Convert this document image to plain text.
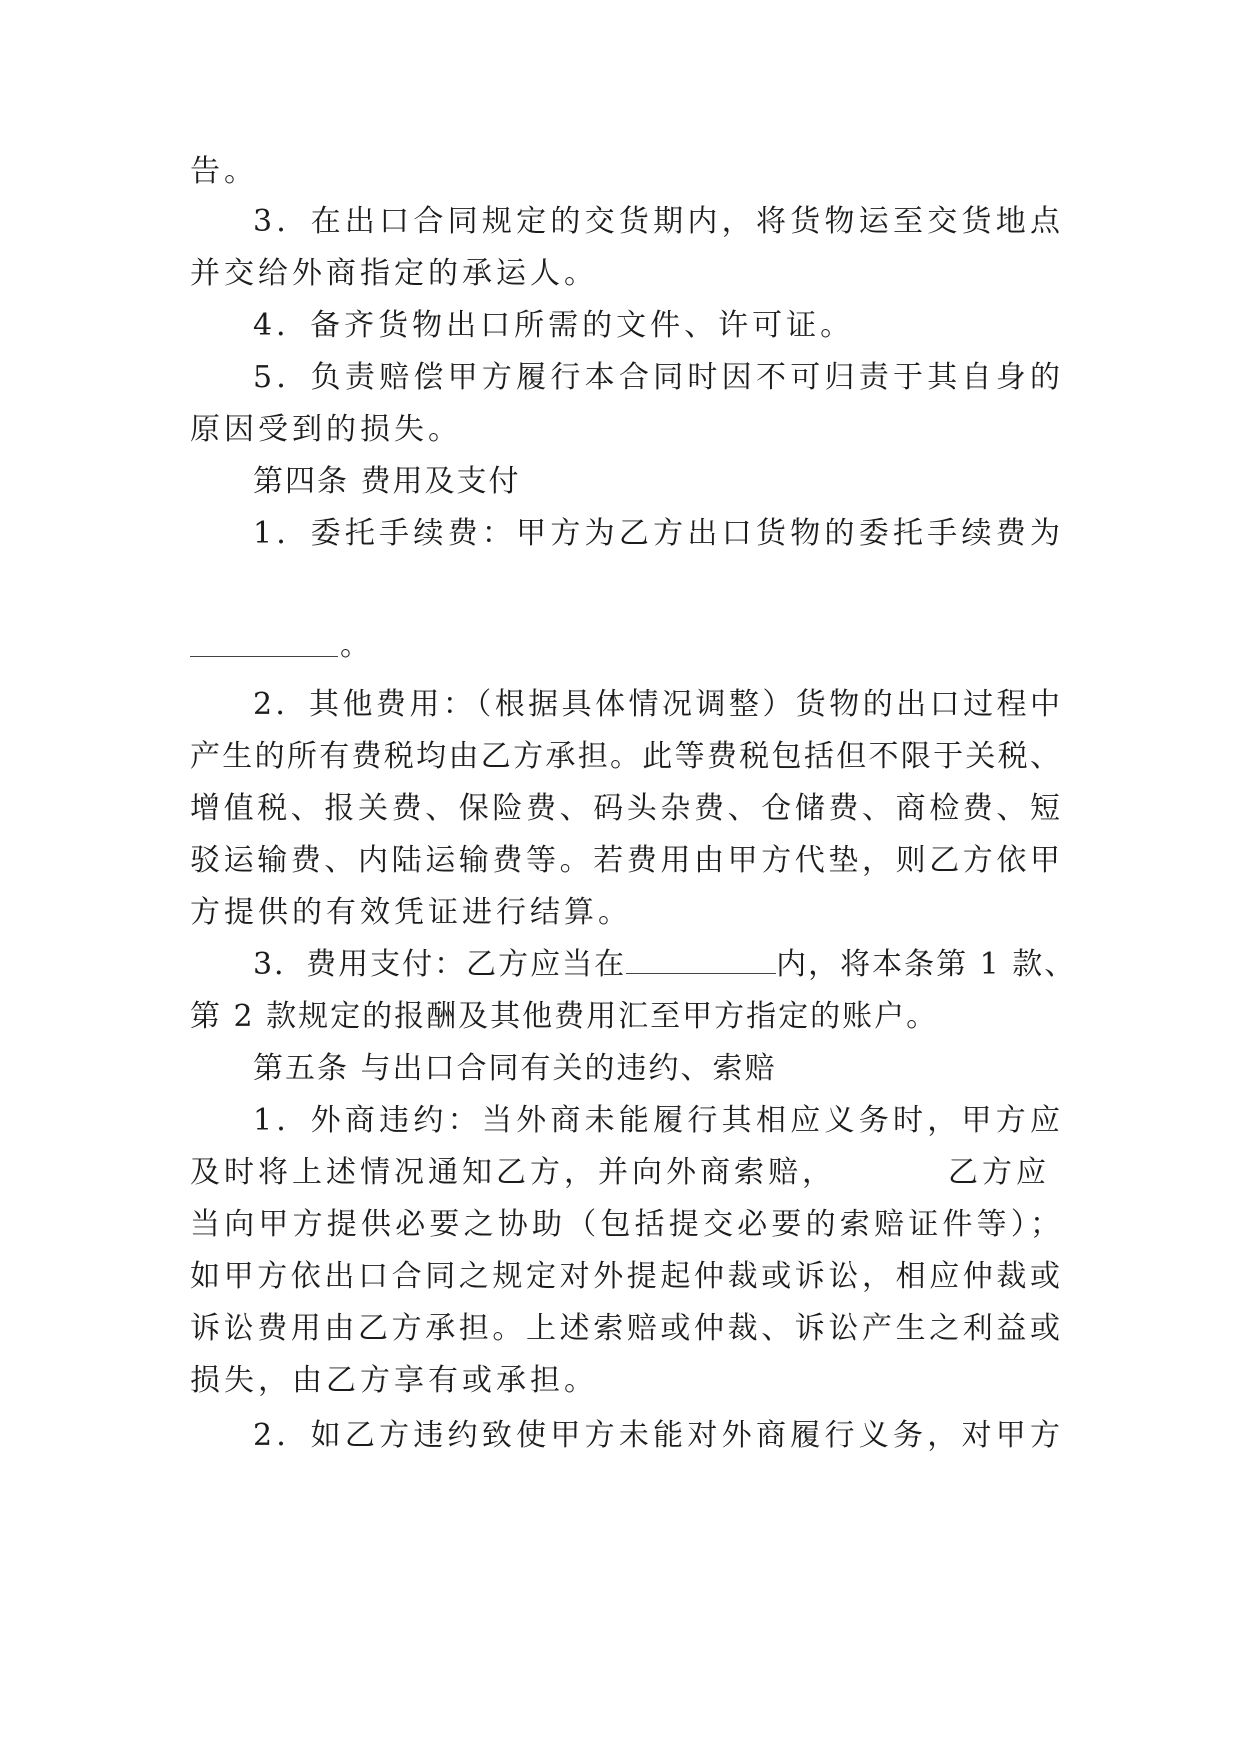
告。
3．在出口合同规定的交货期内，将货物运至交货地点
并交给外商指定的承运人。
4．备齐货物出口所需的文件、许可证。
5．负责赔偿甲方履行本合同时因不可归责于其自身的
原因受到的损失。
第四条 费用及支付
1．委托手续费：甲方为乙方出口货物的委托手续费为
。
2．其他费用：（根据具体情况调整）货物的出口过程中
产生的所有费税均由乙方承担。此等费税包括但不限于关税、
增值税、报关费、保险费、码头杂费、仓储费、商检费、短
驳运输费、内陆运输费等。若费用由甲方代垫，则乙方依甲
方提供的有效凭证进行结算。
3．费用支付：乙方应当在	内，将本条第 1 款、
第 2 款规定的报酬及其他费用汇至甲方指定的账户。
第五条 与出口合同有关的违约、索赔
1．外商违约：当外商未能履行其相应义务时，甲方应
及时将上述情况通知乙方，并向外商索赔，	乙方应
当向甲方提供必要之协助（包括提交必要的索赔证件等）；
如甲方依出口合同之规定对外提起仲裁或诉讼，相应仲裁或
诉讼费用由乙方承担。上述索赔或仲裁、诉讼产生之利益或
损失，由乙方享有或承担。
2．如乙方违约致使甲方未能对外商履行义务，对甲方
